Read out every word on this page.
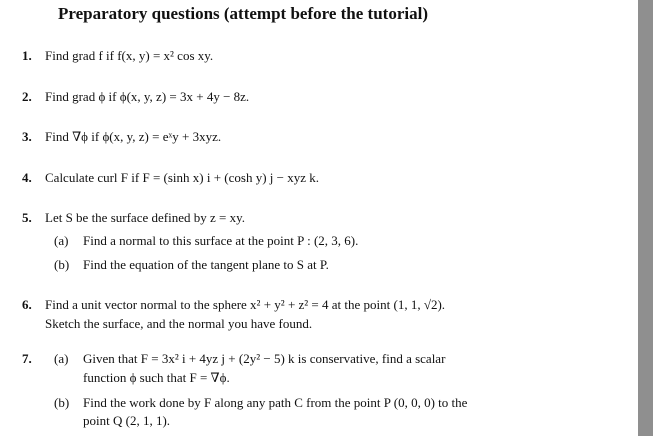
Preparatory questions (attempt before the tutorial)
1. Find grad f if f(x, y) = x² cos xy.
2. Find grad ϕ if ϕ(x, y, z) = 3x + 4y − 8z.
3. Find ∇ϕ if ϕ(x, y, z) = eˣy + 3xyz.
4. Calculate curl F if F = (sinh x) i + (cosh y) j − xyz k.
5. Let S be the surface defined by z = xy.
(a) Find a normal to this surface at the point P : (2, 3, 6).
(b) Find the equation of the tangent plane to S at P.
6. Find a unit vector normal to the sphere x² + y² + z² = 4 at the point (1, 1, √2).
Sketch the surface, and the normal you have found.
7. (a) Given that F = 3x² i + 4yz j + (2y² − 5) k is conservative, find a scalar
function ϕ such that F = ∇ϕ.
(b) Find the work done by F along any path C from the point P (0, 0, 0) to the
point Q (2, 1, 1).
